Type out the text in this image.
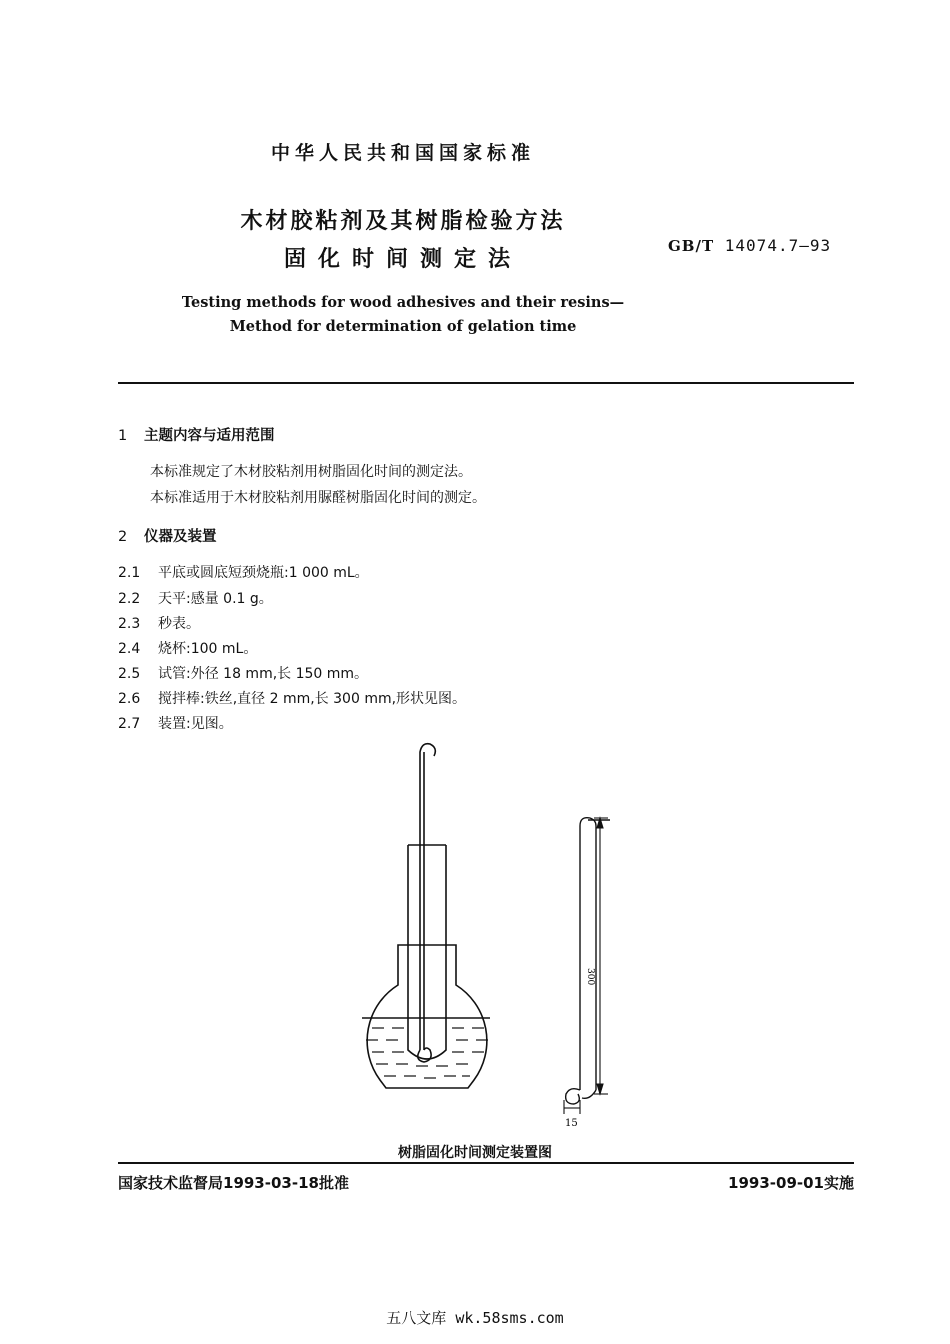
中华人民共和国国家标准
木材胶粘剂及其树脂检验方法
固化时间测定法
GB/T 14074.7—93
Testing methods for wood adhesives and their resins—
Method for determination of gelation time
1 主题内容与适用范围
本标准规定了木材胶粘剂用树脂固化时间的测定法。
本标准适用于木材胶粘剂用脲醛树脂固化时间的测定。
2 仪器及装置
2.1 平底或圆底短颈烧瓶:1 000 mL。
2.2 天平:感量 0.1 g。
2.3 秒表。
2.4 烧杯:100 mL。
2.5 试管:外径 18 mm,长 150 mm。
2.6 搅拌棒:铁丝,直径 2 mm,长 300 mm,形状见图。
2.7 装置:见图。
300
15
树脂固化时间测定装置图
国家技术监督局1993-03-18批准	1993-09-01实施
五八文库 wk.58sms.com
